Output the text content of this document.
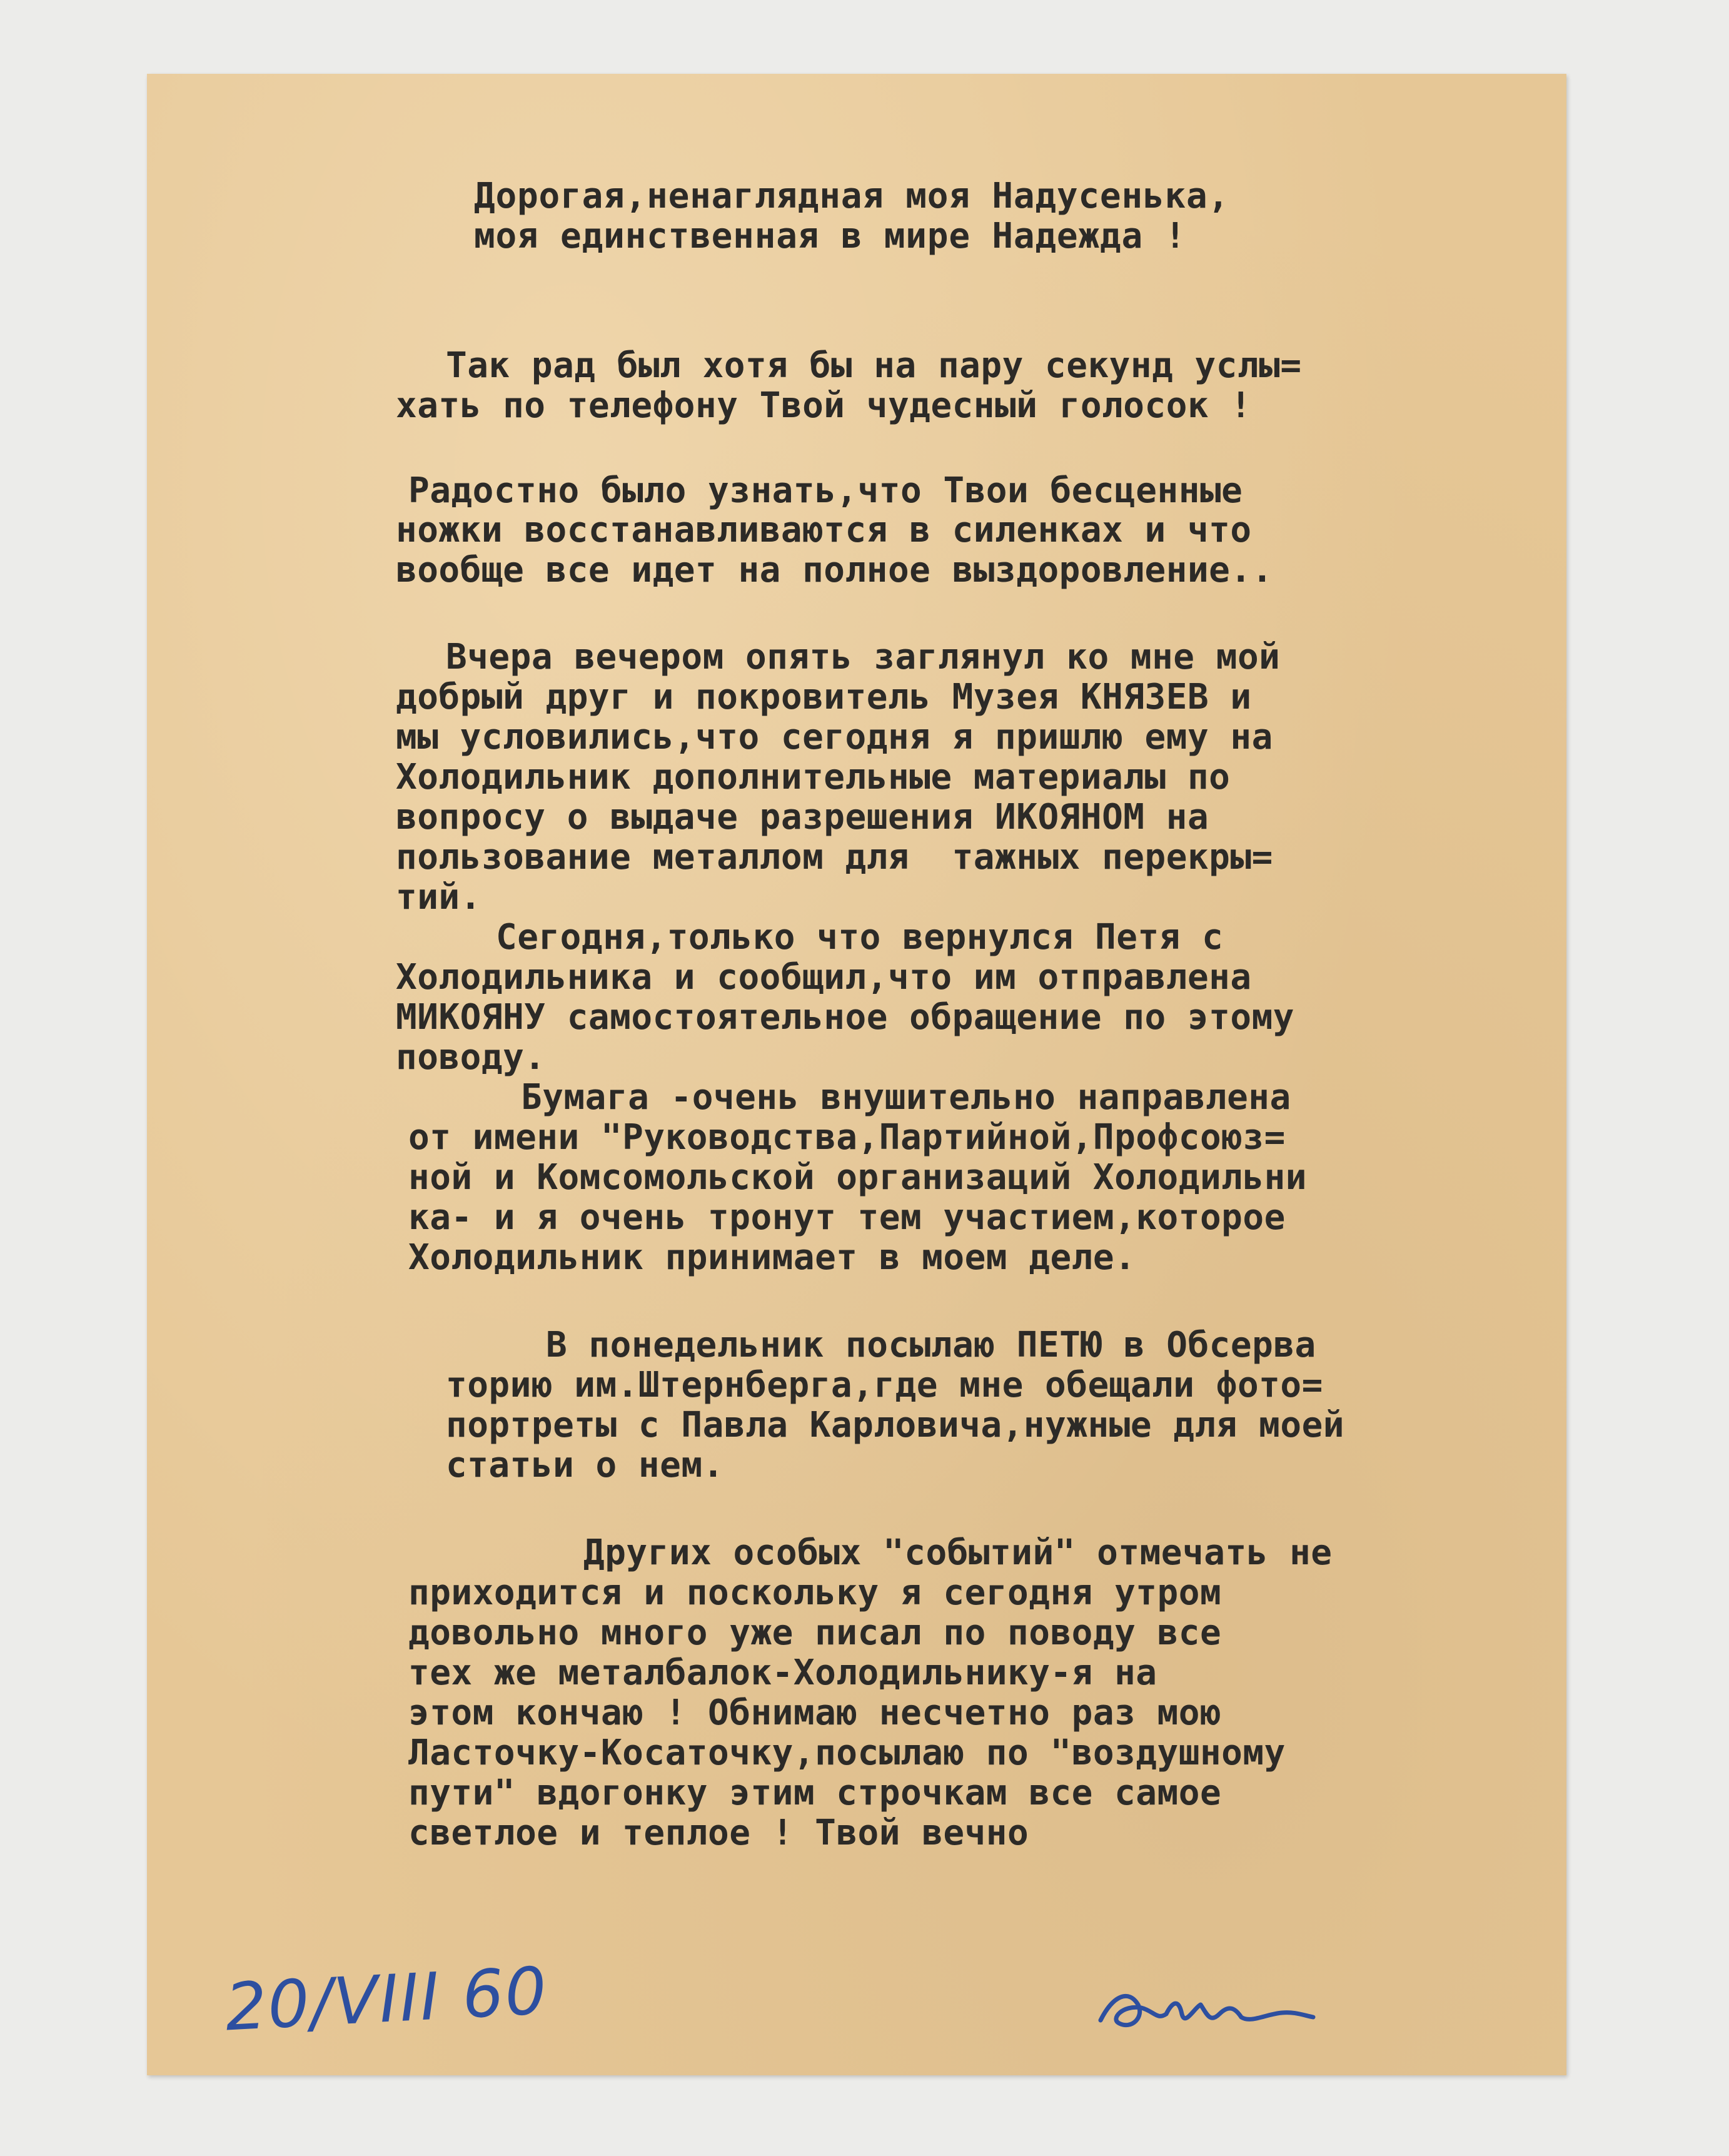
Дорогая,ненаглядная моя Надусенька,
моя единственная в мире Надежда !
Так рад был хотя бы на пару секунд услы=
хать по телефону Твой чудесный голосок !
Радостно было узнать,что Твои бесценные
ножки восстанавливаются в силенках и что
вообще все идет на полное выздоровление..
Вчера вечером опять заглянул ко мне мой
добрый друг и покровитель Музея КНЯЗЕВ и
мы условились,что сегодня я пришлю ему на
Холодильник дополнительные материалы по
вопросу о выдаче разрешения ИКОЯНОМ на
пользование металлом для  тажных перекры=
тий.
Сегодня,только что вернулся Петя с
Холодильника и сообщил,что им отправлена
МИКОЯНУ самостоятельное обращение по этому
поводу.
Бумага -очень внушительно направлена
от имени "Руководства,Партийной,Профсоюз=
ной и Комсомольской организаций Холодильни
ка- и я очень тронут тем участием,которое
Холодильник принимает в моем деле.
В понедельник посылаю ПЕТЮ в Обсерва
торию им.Штернберга,где мне обещали фото=
портреты с Павла Карловича,нужные для моей
статьи о нем.
Других особых "событий" отмечать не
приходится и поскольку я сегодня утром
довольно много уже писал по поводу все
тех же металбалок-Холодильнику-я на
этом кончаю ! Обнимаю несчетно раз мою
Ласточку-Косаточку,посылаю по "воздушному
пути" вдогонку этим строчкам все самое
светлое и теплое ! Твой вечно
20/VIII 60
